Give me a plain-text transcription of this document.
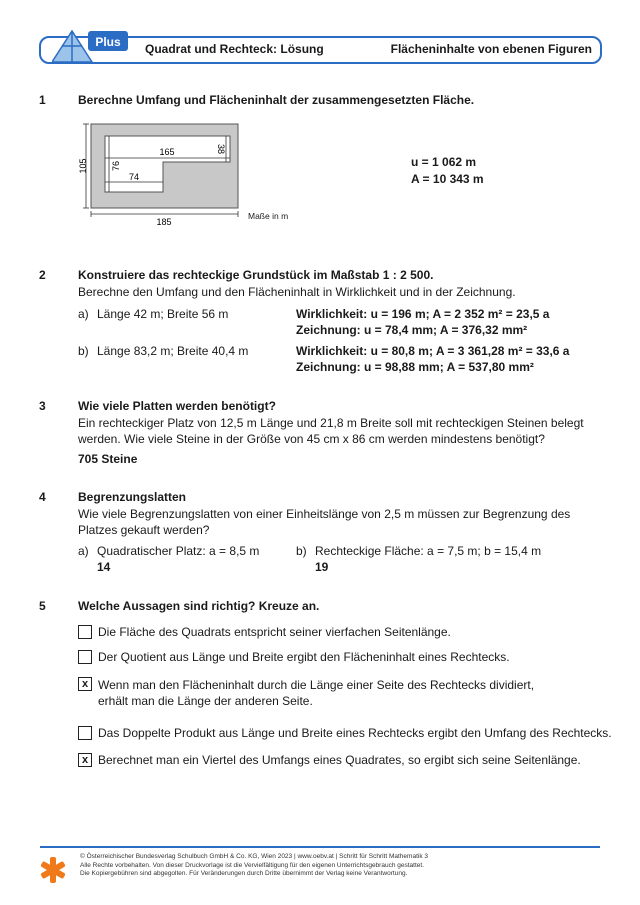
Plus Quadrat und Rechteck: Lösung	Flächeninhalte von ebenen Figuren
1	Berechne Umfang und Flächeninhalt der zusammengesetzten Fläche.
105
165	38
76
74
185
Maße in m
u = 1 062 m
A = 10 343 m
2	Konstruiere das rechteckige Grundstück im Maßstab 1 : 2 500.
Berechne den Umfang und den Flächeninhalt in Wirklichkeit und in der Zeichnung.
a) Länge 42 m; Breite 56 m	Wirklichkeit: u = 196 m; A = 2 352 m² = 23,5 a
Zeichnung: u = 78,4 mm; A = 376,32 mm²
b) Länge 83,2 m; Breite 40,4 m	Wirklichkeit: u = 80,8 m; A = 3 361,28 m² = 33,6 a
Zeichnung: u = 98,88 mm; A = 537,80 mm²
3	Wie viele Platten werden benötigt?
Ein rechteckiger Platz von 12,5 m Länge und 21,8 m Breite soll mit rechteckigen Steinen belegt
werden. Wie viele Steine in der Größe von 45 cm x 86 cm werden mindestens benötigt?
705 Steine
4	Begrenzungslatten
Wie viele Begrenzungslatten von einer Einheitslänge von 2,5 m müssen zur Begrenzung des
Platzes gekauft werden?
a) Quadratischer Platz: a = 8,5 m
14
b) Rechteckige Fläche: a = 7,5 m; b = 15,4 m
19
5	Welche Aussagen sind richtig? Kreuze an.
Die Fläche des Quadrats entspricht seiner vierfachen Seitenlänge.
Der Quotient aus Länge und Breite ergibt den Flächeninhalt eines Rechtecks.
x Wenn man den Flächeninhalt durch die Länge einer Seite des Rechtecks dividiert,
erhält man die Länge der anderen Seite.
Das Doppelte Produkt aus Länge und Breite eines Rechtecks ergibt den Umfang des Rechtecks.
x Berechnet man ein Viertel des Umfangs eines Quadrates, so ergibt sich seine Seitenlänge.
© Österreichischer Bundesverlag Schulbuch GmbH & Co. KG, Wien 2023 | www.oebv.at | Schritt für Schritt Mathematik 3
Alle Rechte vorbehalten. Von dieser Druckvorlage ist die Vervielfältigung für den eigenen Unterrichtsgebrauch gestattet.
Die Kopiergebühren sind abgegolten. Für Veränderungen durch Dritte übernimmt der Verlag keine Verantwortung.
